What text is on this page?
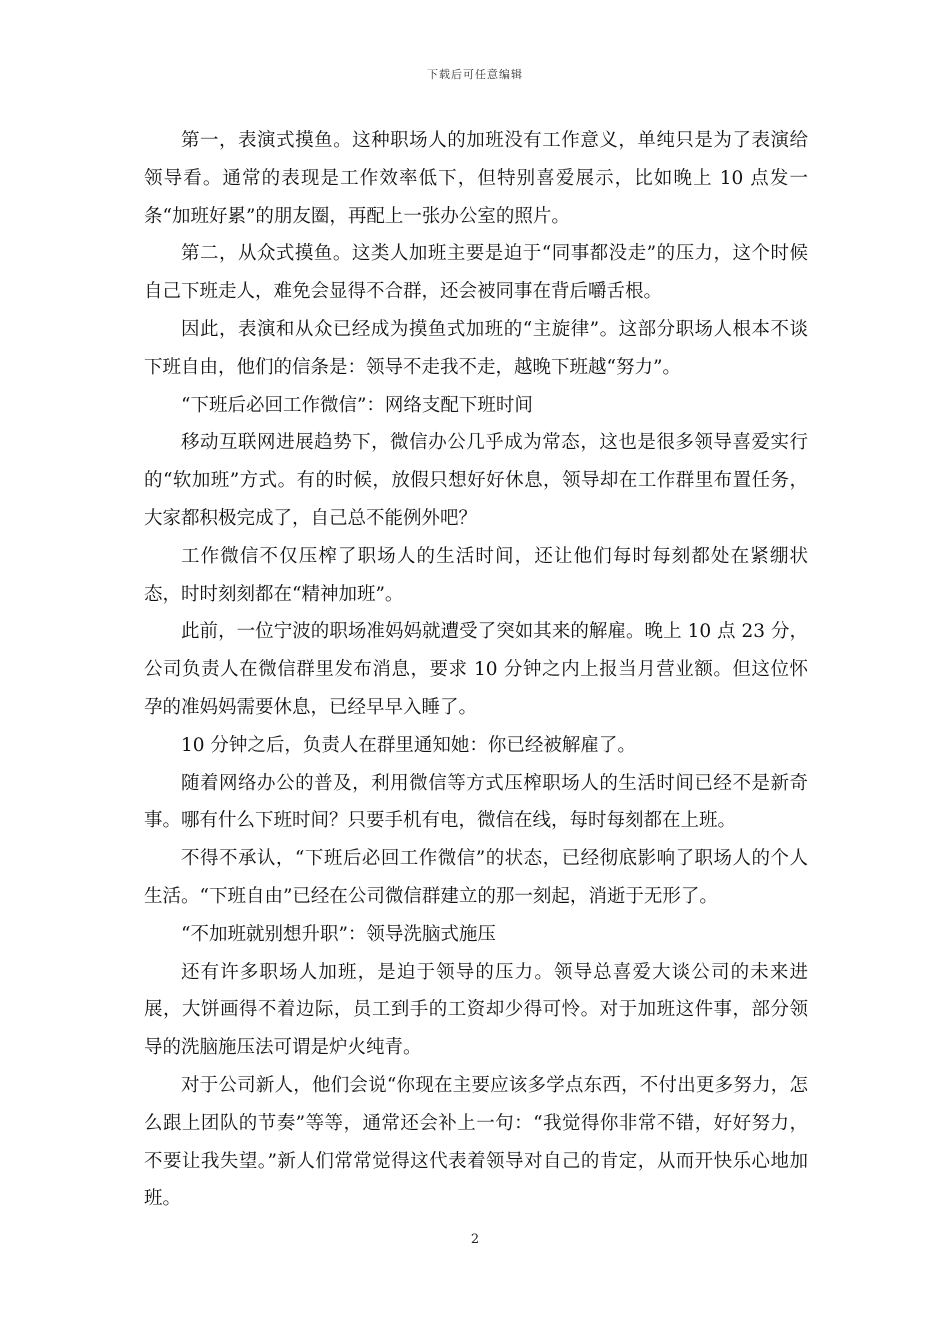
下载后可任意编辑

第一，表演式摸鱼。这种职场人的加班没有工作意义，单纯只是为了表演给领导看。通常的表现是工作效率低下，但特别喜爱展示，比如晚上 10 点发一条“加班好累”的朋友圈，再配上一张办公室的照片。

第二，从众式摸鱼。这类人加班主要是迫于“同事都没走”的压力，这个时候自己下班走人，难免会显得不合群，还会被同事在背后嚼舌根。

因此，表演和从众已经成为摸鱼式加班的“主旋律”。这部分职场人根本不谈下班自由，他们的信条是：领导不走我不走，越晚下班越“努力”。

“下班后必回工作微信”：网络支配下班时间

移动互联网进展趋势下，微信办公几乎成为常态，这也是很多领导喜爱实行的“软加班”方式。有的时候，放假只想好好休息，领导却在工作群里布置任务，大家都积极完成了，自己总不能例外吧？

工作微信不仅压榨了职场人的生活时间，还让他们每时每刻都处在紧绷状态，时时刻刻都在“精神加班”。

此前，一位宁波的职场准妈妈就遭受了突如其来的解雇。晚上 10 点 23 分，公司负责人在微信群里发布消息，要求 10 分钟之内上报当月营业额。但这位怀孕的准妈妈需要休息，已经早早入睡了。

10 分钟之后，负责人在群里通知她：你已经被解雇了。

随着网络办公的普及，利用微信等方式压榨职场人的生活时间已经不是新奇事。哪有什么下班时间？只要手机有电，微信在线，每时每刻都在上班。

不得不承认，“下班后必回工作微信”的状态，已经彻底影响了职场人的个人生活。“下班自由”已经在公司微信群建立的那一刻起，消逝于无形了。

“不加班就别想升职”：领导洗脑式施压

还有许多职场人加班，是迫于领导的压力。领导总喜爱大谈公司的未来进展，大饼画得不着边际，员工到手的工资却少得可怜。对于加班这件事，部分领导的洗脑施压法可谓是炉火纯青。

对于公司新人，他们会说“你现在主要应该多学点东西，不付出更多努力，怎么跟上团队的节奏”等等，通常还会补上一句：“我觉得你非常不错，好好努力，不要让我失望。”新人们常常觉得这代表着领导对自己的肯定，从而开快乐心地加班。

2
